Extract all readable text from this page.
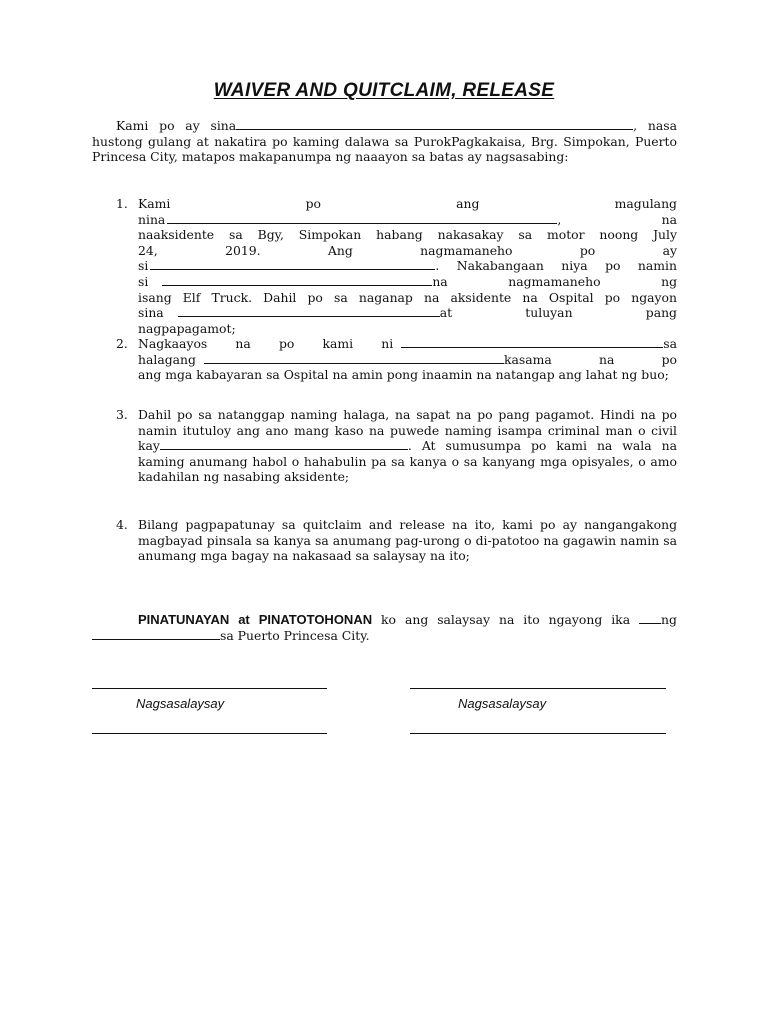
WAIVER AND QUITCLAIM, RELEASE

Kami po ay sina	, nasa hustong gulang at nakatira po kaming dalawa sa PurokPagkakaisa, Brg. Simpokan, Puerto Princesa City, matapos makapanumpa ng naaayon sa batas ay nagsasabing:

1. Kami po ang magulang
nina	, na
naaksidente sa Bgy, Simpokan habang nakasakay sa motor noong July
24, 2019. Ang nagmamaneho po ay
si	. Nakabangaan niya po namin
si	na nagmamaneho ng
isang Elf Truck. Dahil po sa naganap na aksidente na Ospital po ngayon
sina	at tuluyan pang
nagpapagamot;
2. Nagkaayos na po kami ni	sa
halagang	kasama na po
ang mga kabayaran sa Ospital na amin pong inaamin na natangap ang lahat ng buo;
3. Dahil po sa natanggap naming halaga, na sapat na po pang pagamot. Hindi na po namin itutuloy ang ano mang kaso na puwede naming isampa criminal man o civil kay	. At sumusumpa po kami na wala na kaming anumang habol o hahabulin pa sa kanya o sa kanyang mga opisyales, o amo kadahilan ng nasabing aksidente;
4. Bilang pagpapatunay sa quitclaim and release na ito, kami po ay nangangakong magbayad pinsala sa kanya sa anumang pag-urong o di-patotoo na gagawin namin sa anumang mga bagay na nakasaad sa salaysay na ito;

PINATUNAYAN at PINATOTOHONAN ko ang salaysay na ito ngayong ika ng sa Puerto Princesa City.

Nagsasalaysay	Nagsasalaysay
